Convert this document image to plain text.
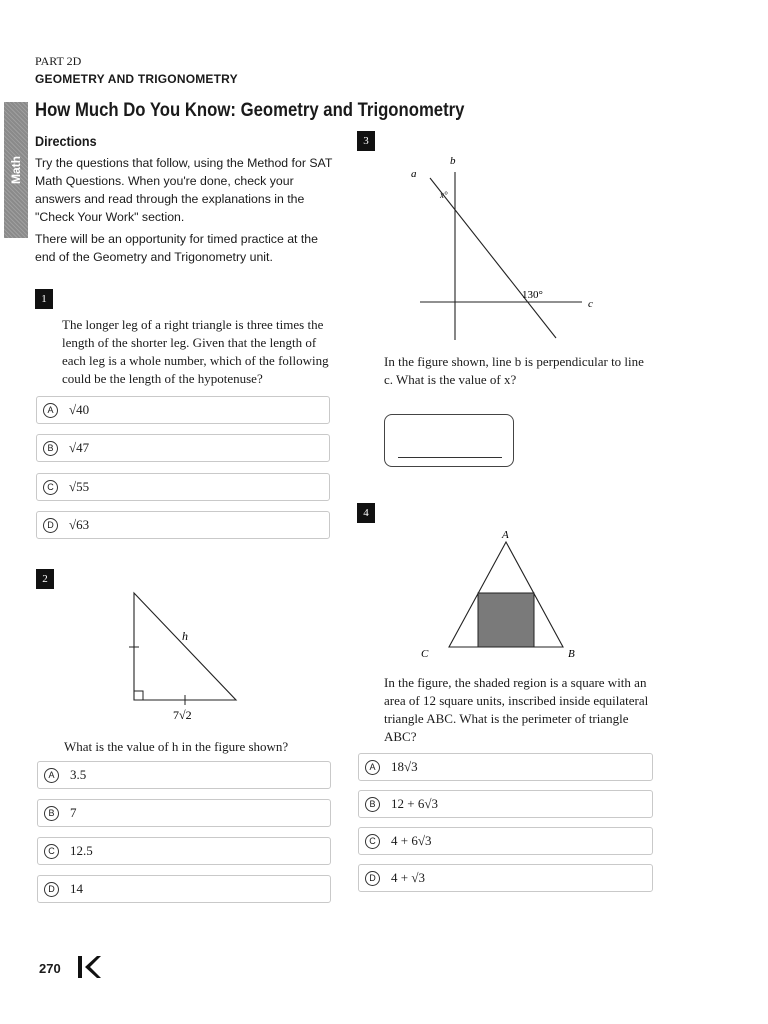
PART 2D
GEOMETRY AND TRIGONOMETRY
How Much Do You Know: Geometry and Trigonometry
Math
Directions
Try the questions that follow, using the Method for SAT Math Questions. When you're done, check your answers and read through the explanations in the "Check Your Work" section.
There will be an opportunity for timed practice at the end of the Geometry and Trigonometry unit.
1
The longer leg of a right triangle is three times the length of the shorter leg. Given that the length of each leg is a whole number, which of the following could be the length of the hypotenuse?
A	√40
B	√47
C	√55
D	√63
2
h
7√2
What is the value of h in the figure shown?
A	3.5
B	7
C	12.5
D	14
3
b
a
c
x°
130°
In the figure shown, line b is perpendicular to line c. What is the value of x?
4
A
B
C
In the figure, the shaded region is a square with an area of 12 square units, inscribed inside equilateral triangle ABC. What is the perimeter of triangle ABC?
A	18√3
B	12 + 6√3
C	4 + 6√3
D	4 + √3
270
